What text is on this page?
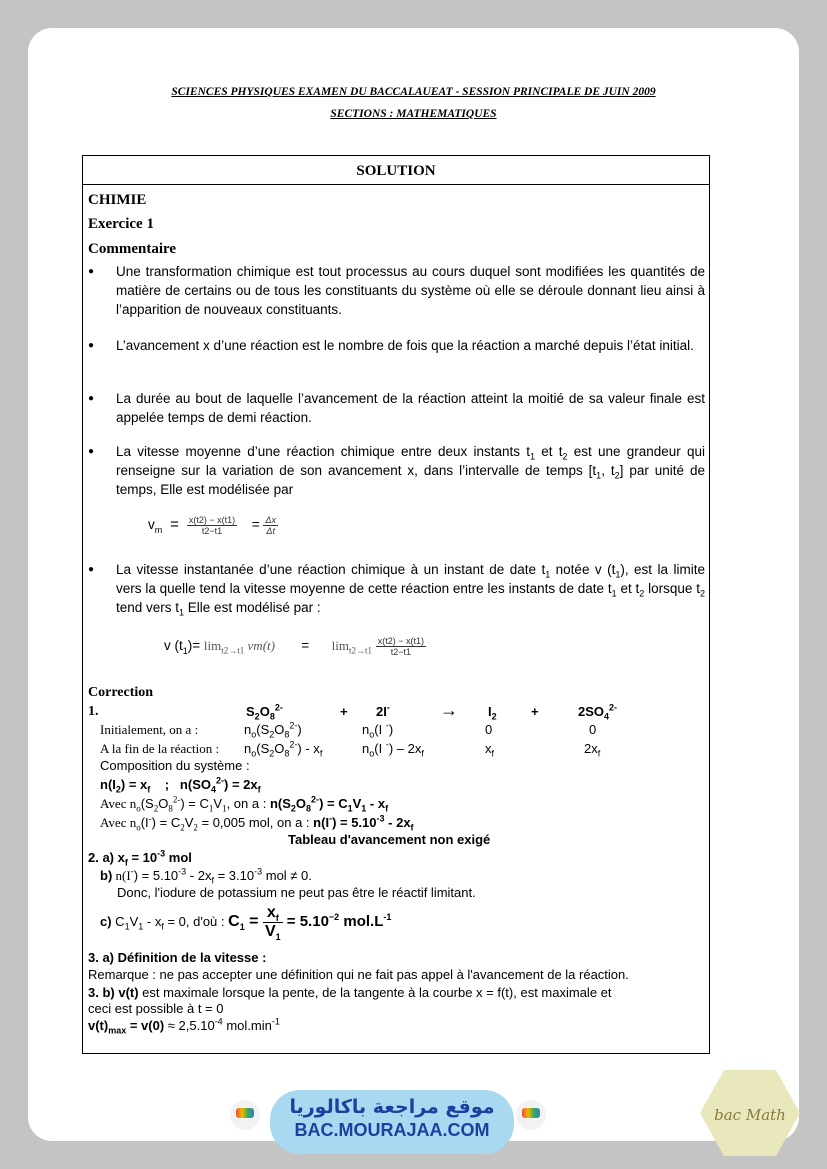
SCIENCES PHYSIQUES EXAMEN DU BACCALAUEAT - SESSION PRINCIPALE DE JUIN 2009
SECTIONS : MATHEMATIQUES
SOLUTION
CHIMIE
Exercice 1
Commentaire
● Une transformation chimique est tout processus au cours duquel sont modifiées les quantités de matière de certains ou de tous les constituants du système où elle se déroule donnant lieu ainsi à l’apparition de nouveaux constituants.
● L’avancement x d’une réaction est le nombre de fois que la réaction a marché depuis l’état initial.
● La durée au bout de laquelle l’avancement de la réaction atteint la moitié de sa valeur finale est appelée temps de demi réaction.
● La vitesse moyenne d’une réaction chimique entre deux instants $t_1$ et $t_2$ est une grandeur qui renseigne sur la variation de son avancement x, dans l’intervalle de temps [$t_1$, $t_2$] par unité de temps, Elle est modélisée par
$v_m = \frac{x(t2) - x(t1)}{t2-t1} = \frac{\Delta x}{\Delta t}$
● La vitesse instantanée d’une réaction chimique à un instant de date $t_1$ notée v $(t_1)$, est la limite vers la quelle tend la vitesse moyenne de cette réaction entre les instants de date $t_1$ et $t_2$ lorsque $t_2$ tend vers $t_1$ Elle est modélisé par :
v $(t_1)= \lim_{t2\to t1} vm(t) = \lim_{t2\to t1} \frac{x(t2) - x(t1)}{t2-t1}$
Correction
1.	$S_2O_8^{2-}$	+ 2I-	→ $I_2$	+	$2SO_4^{2-}$
Initialement, on a :	$n_o(S_2O_8^{2-})$	$n_o(I$ -)	0	0
A la fin de la réaction : $n_o(S_2O_8^{2-}) - x_f$	$n_o(I$ $^-) - 2x_f$	$x_f$	$2x_f$
Composition du système :
$n(I_2) = x_f$ ; $n(SO_4^{2-}) = 2x_f$
Avec $n_o(S_2O_8^{2-}) = C_1V_1$, on a : $n(S_2O_8^{2-}) = C_1V_1 - x_f$
Avec $n_o(I^-) = C_2V_2 = 0,005$ mol, on a : $n(I^-) = 5.10^{-3} - 2x_f$
Tableau d'avancement non exigé
2. a) $x_f = 10^{-3}$ mol
b) $n(I^-) = 5.10^{-3} - 2x_f = 3.10^{-3}$ mol ≠ 0.
Donc, l'iodure de potassium ne peut pas être le réactif limitant.
c) $C_1V_1 - x_f = 0$, d'où : $C_1 = \frac{x_f}{V_1} = 5.10^{-2}$ $mol.L^{-1}$
3. a) Définition de la vitesse :
Remarque : ne pas accepter une définition qui ne fait pas appel à l'avancement de la réaction.
3. b) v(t) est maximale lorsque la pente, de la tangente à la courbe x = f(t), est maximale et
ceci est possible à t = 0
$v(t)_{max} = v(0) \approx 2,5.10^{-4}$ $mol.\min^{-1}$
موقع مراجعة باكالوريا
BAC.MOURAJAA.COM
bac Math
